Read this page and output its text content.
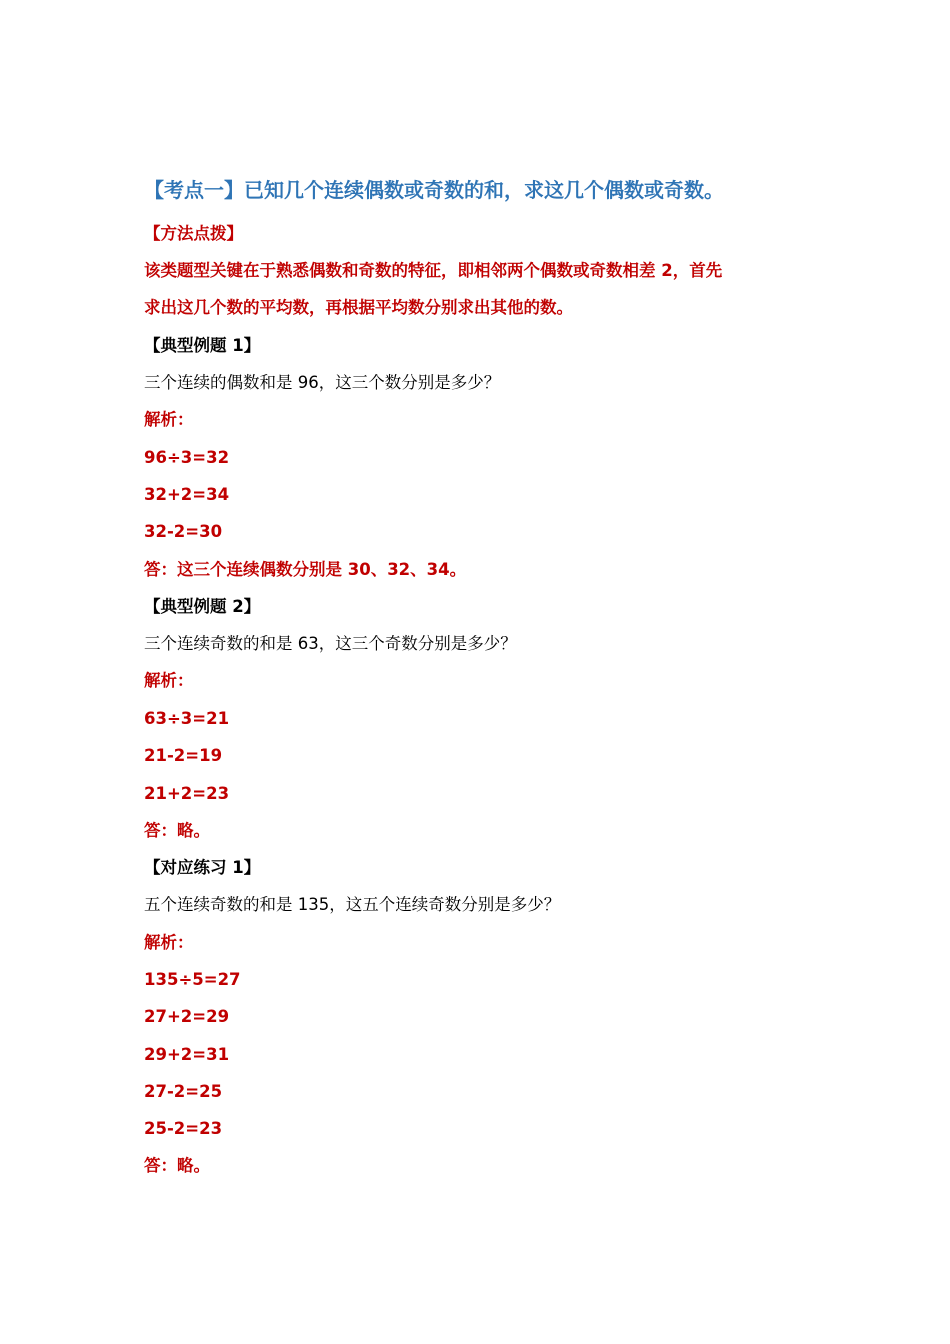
【考点一】已知几个连续偶数或奇数的和，求这几个偶数或奇数。
【方法点拨】
该类题型关键在于熟悉偶数和奇数的特征，即相邻两个偶数或奇数相差 2，首先
求出这几个数的平均数，再根据平均数分别求出其他的数。
【典型例题 1】
三个连续的偶数和是 96，这三个数分别是多少？
解析：
96÷3=32
32+2=34
32-2=30
答：这三个连续偶数分别是 30、32、34。
【典型例题 2】
三个连续奇数的和是 63，这三个奇数分别是多少？
解析：
63÷3=21
21-2=19
21+2=23
答：略。
【对应练习 1】
五个连续奇数的和是 135，这五个连续奇数分别是多少？
解析：
135÷5=27
27+2=29
29+2=31
27-2=25
25-2=23
答：略。
